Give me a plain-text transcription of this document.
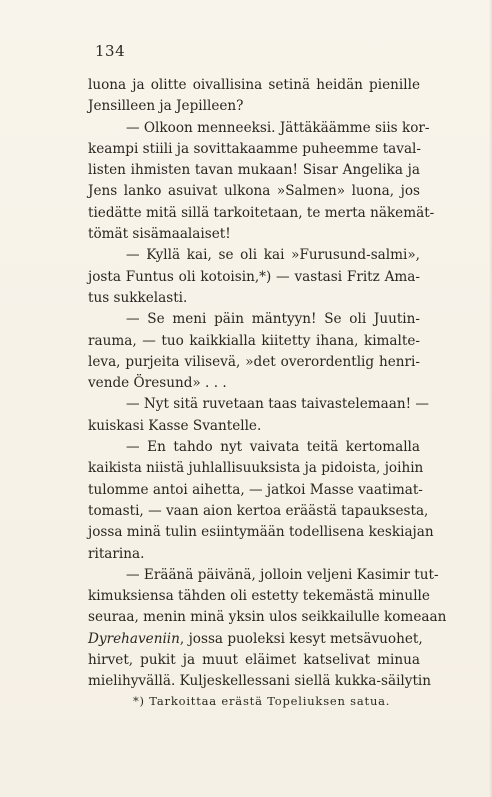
134
luona ja olitte oivallisina setinä heidän pienille
Jensilleen ja Jepilleen?
— Olkoon menneeksi. Jättäkäämme siis kor-
keampi stiili ja sovittakaamme puheemme taval-
listen ihmisten tavan mukaan! Sisar Angelika ja
Jens lanko asuivat ulkona »Salmen» luona, jos
tiedätte mitä sillä tarkoitetaan, te merta näkemät-
tömät sisämaalaiset!
— Kyllä kai, se oli kai »Furusund-salmi»,
josta Funtus oli kotoisin,*) — vastasi Fritz Ama-
tus sukkelasti.
— Se meni päin mäntyyn! Se oli Juutin-
rauma, — tuo kaikkialla kiitetty ihana, kimalte-
leva, purjeita vilisevä, »det overordentlig henri-
vende Öresund» . . .
— Nyt sitä ruvetaan taas taivastelemaan! —
kuiskasi Kasse Svantelle.
— En tahdo nyt vaivata teitä kertomalla
kaikista niistä juhlallisuuksista ja pidoista, joihin
tulomme antoi aihetta, — jatkoi Masse vaatimat-
tomasti, — vaan aion kertoa eräästä tapauksesta,
jossa minä tulin esiintymään todellisena keskiajan
ritarina.
— Eräänä päivänä, jolloin veljeni Kasimir tut-
kimuksiensa tähden oli estetty tekemästä minulle
seuraa, menin minä yksin ulos seikkailulle komeaan
Dyrehaveniin, jossa puoleksi kesyt metsävuohet,
hirvet, pukit ja muut eläimet katselivat minua
mielihyvällä. Kuljeskellessani siellä kukka-säilytin
*) Tarkoittaa erästä Topeliuksen satua.
